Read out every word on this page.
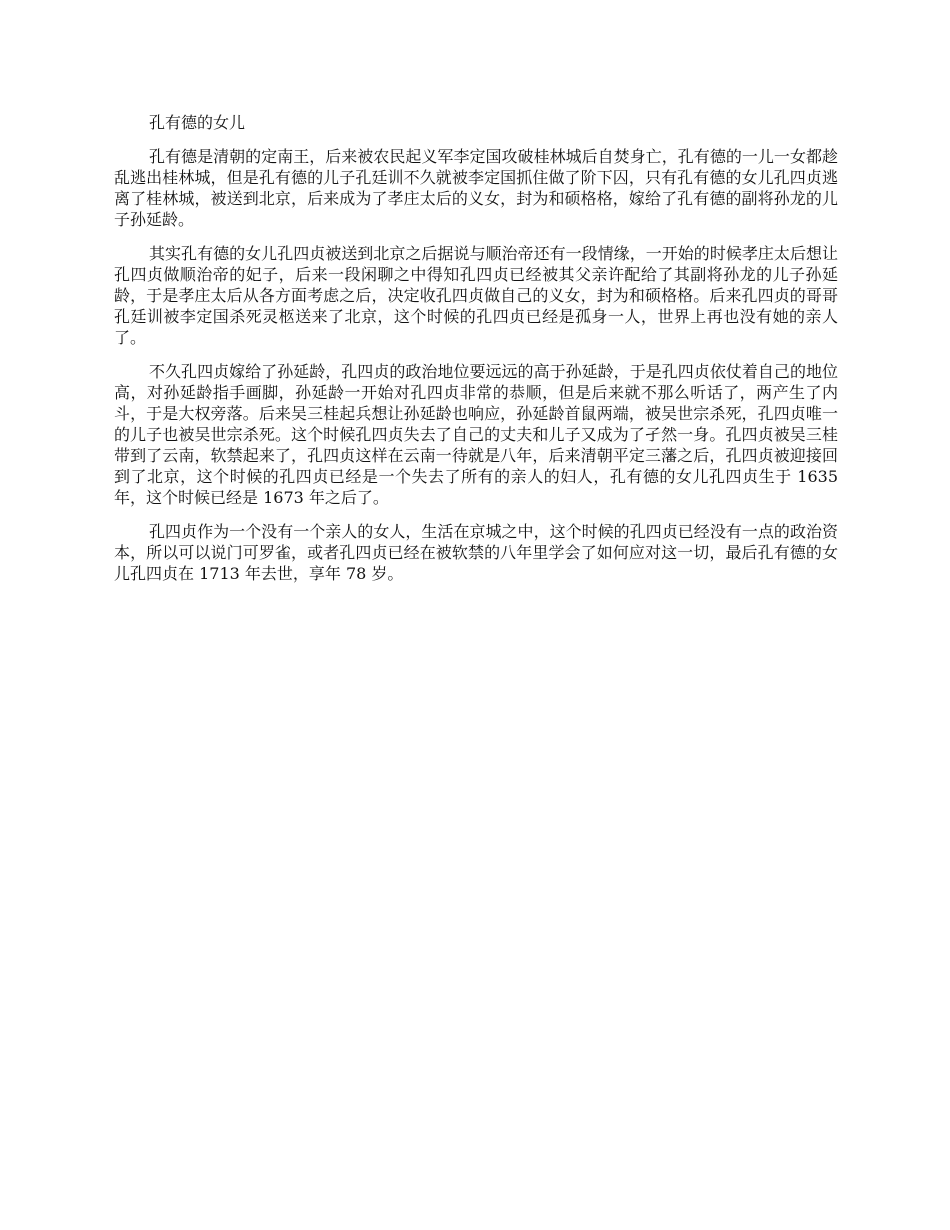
孔有德的女儿

孔有德是清朝的定南王，后来被农民起义军李定国攻破桂林城后自焚身亡，孔有德的一儿一女都趁乱逃出桂林城，但是孔有德的儿子孔廷训不久就被李定国抓住做了阶下囚，只有孔有德的女儿孔四贞逃离了桂林城，被送到北京，后来成为了孝庄太后的义女，封为和硕格格，嫁给了孔有德的副将孙龙的儿子孙延龄。

其实孔有德的女儿孔四贞被送到北京之后据说与顺治帝还有一段情缘，一开始的时候孝庄太后想让孔四贞做顺治帝的妃子，后来一段闲聊之中得知孔四贞已经被其父亲许配给了其副将孙龙的儿子孙延龄，于是孝庄太后从各方面考虑之后，决定收孔四贞做自己的义女，封为和硕格格。后来孔四贞的哥哥孔廷训被李定国杀死灵柩送来了北京，这个时候的孔四贞已经是孤身一人，世界上再也没有她的亲人了。

不久孔四贞嫁给了孙延龄，孔四贞的政治地位要远远的高于孙延龄，于是孔四贞依仗着自己的地位高，对孙延龄指手画脚，孙延龄一开始对孔四贞非常的恭顺，但是后来就不那么听话了，两产生了内斗，于是大权旁落。后来吴三桂起兵想让孙延龄也响应，孙延龄首鼠两端，被吴世宗杀死，孔四贞唯一的儿子也被吴世宗杀死。这个时候孔四贞失去了自己的丈夫和儿子又成为了孑然一身。孔四贞被吴三桂带到了云南，软禁起来了，孔四贞这样在云南一待就是八年，后来清朝平定三藩之后，孔四贞被迎接回到了北京，这个时候的孔四贞已经是一个失去了所有的亲人的妇人，孔有德的女儿孔四贞生于 1635 年，这个时候已经是 1673 年之后了。

孔四贞作为一个没有一个亲人的女人，生活在京城之中，这个时候的孔四贞已经没有一点的政治资本，所以可以说门可罗雀，或者孔四贞已经在被软禁的八年里学会了如何应对这一切，最后孔有德的女儿孔四贞在 1713 年去世，享年 78 岁。
